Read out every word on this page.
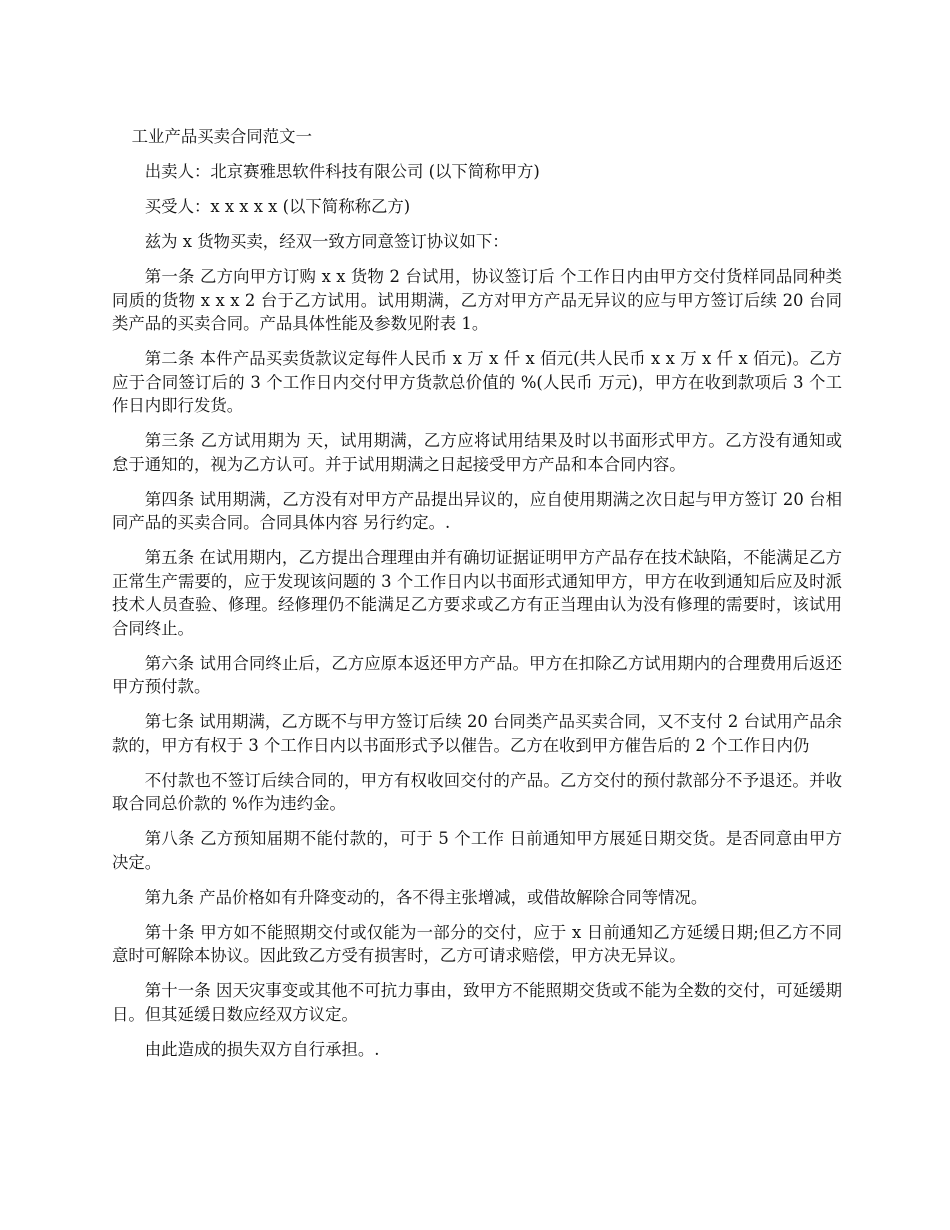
工业产品买卖合同范文一

出卖人：北京赛雅思软件科技有限公司 (以下简称甲方)

买受人：x x x x x (以下简称称乙方)

兹为 x 货物买卖，经双一致方同意签订协议如下：

第一条 乙方向甲方订购 x x 货物 2 台试用，协议签订后 个工作日内由甲方交付货样同品同种类同质的货物 x x x 2 台于乙方试用。试用期满，乙方对甲方产品无异议的应与甲方签订后续 20 台同类产品的买卖合同。产品具体性能及参数见附表 1。

第二条 本件产品买卖货款议定每件人民币 x 万 x 仟 x 佰元(共人民币 x x 万 x 仟 x 佰元)。乙方应于合同签订后的 3 个工作日内交付甲方货款总价值的 %(人民币 万元)，甲方在收到款项后 3 个工作日内即行发货。

第三条 乙方试用期为 天，试用期满，乙方应将试用结果及时以书面形式甲方。乙方没有通知或怠于通知的，视为乙方认可。并于试用期满之日起接受甲方产品和本合同内容。

第四条 试用期满，乙方没有对甲方产品提出异议的，应自使用期满之次日起与甲方签订 20 台相同产品的买卖合同。合同具体内容 另行约定。.

第五条 在试用期内，乙方提出合理理由并有确切证据证明甲方产品存在技术缺陷，不能满足乙方正常生产需要的，应于发现该问题的 3 个工作日内以书面形式通知甲方，甲方在收到通知后应及时派技术人员查验、修理。经修理仍不能满足乙方要求或乙方有正当理由认为没有修理的需要时，该试用合同终止。

第六条 试用合同终止后，乙方应原本返还甲方产品。甲方在扣除乙方试用期内的合理费用后返还甲方预付款。

第七条 试用期满，乙方既不与甲方签订后续 20 台同类产品买卖合同，又不支付 2 台试用产品余款的，甲方有权于 3 个工作日内以书面形式予以催告。乙方在收到甲方催告后的 2 个工作日内仍

不付款也不签订后续合同的，甲方有权收回交付的产品。乙方交付的预付款部分不予退还。并收取合同总价款的 %作为违约金。

第八条 乙方预知届期不能付款的，可于 5 个工作 日前通知甲方展延日期交货。是否同意由甲方决定。

第九条 产品价格如有升降变动的，各不得主张增减，或借故解除合同等情况。

第十条 甲方如不能照期交付或仅能为一部分的交付，应于 x 日前通知乙方延缓日期;但乙方不同意时可解除本协议。因此致乙方受有损害时，乙方可请求赔偿，甲方决无异议。

第十一条 因天灾事变或其他不可抗力事由，致甲方不能照期交货或不能为全数的交付，可延缓期日。但其延缓日数应经双方议定。

由此造成的损失双方自行承担。.
